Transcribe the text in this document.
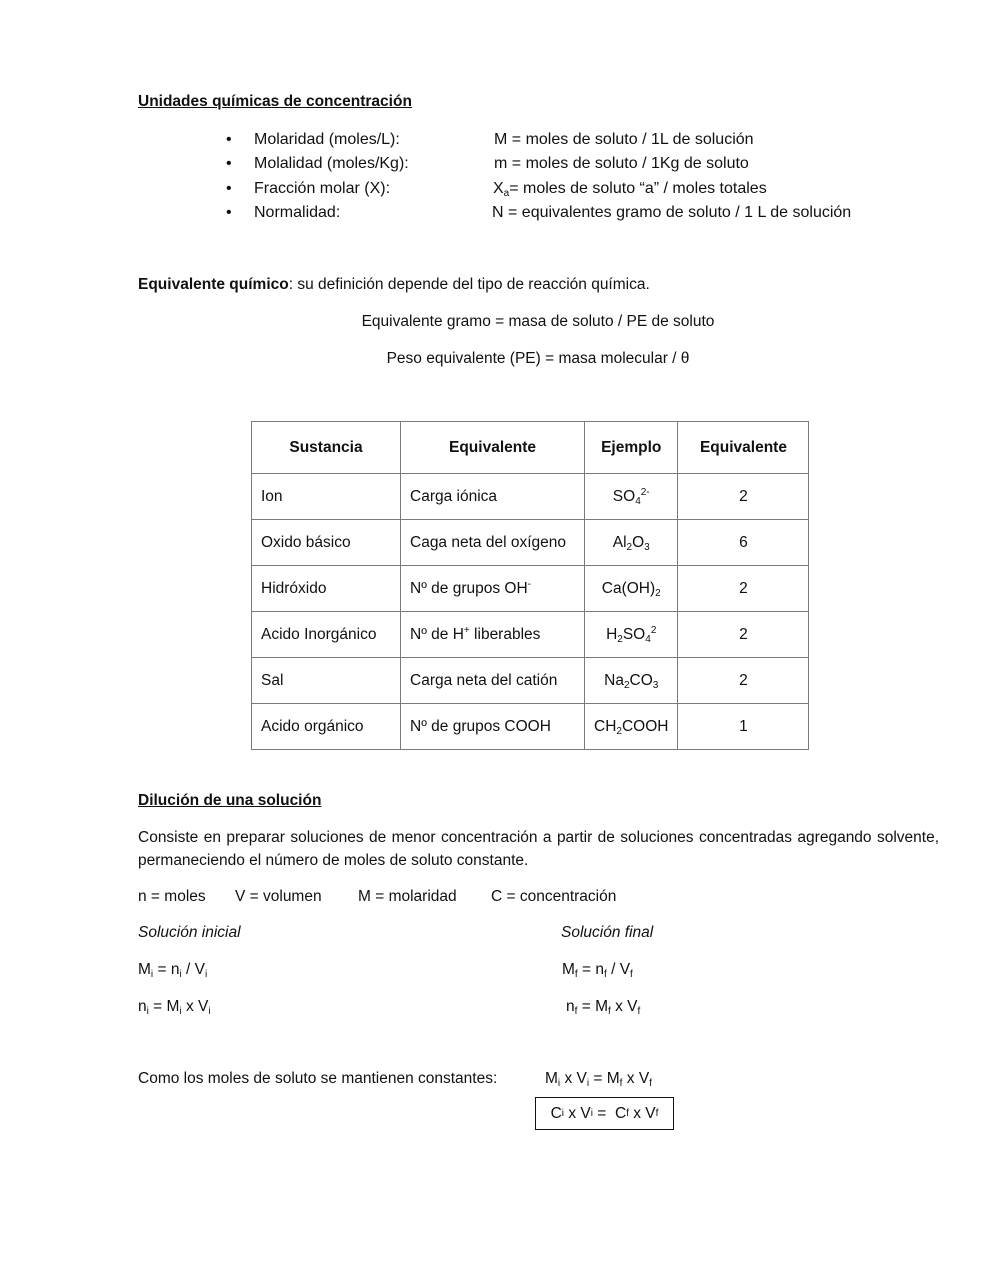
Unidades químicas de concentración
• Molaridad (moles/L):	M = moles de soluto / 1L de solución
• Molalidad (moles/Kg):	m = moles de soluto / 1Kg de soluto
• Fracción molar (X):	$X_a=$ moles de soluto “a” / moles totales
• Normalidad:	N = equivalentes gramo de soluto / 1 L de solución
Equivalente químico: su definición depende del tipo de reacción química.
Equivalente gramo = masa de soluto / PE de soluto
Peso equivalente (PE) = masa molecular / θ
Sustancia	Equivalente	Ejemplo	Equivalente
Ion	Carga iónica	$SO_4^{2-}$	2
Oxido básico	Caga neta del oxígeno	$Al_2O_3$	6
Hidróxido	Nº de grupos OH-	$Ca(OH)_2$	2
Acido Inorgánico	Nº de H+ liberables	$H_2SO_4^2$	2
Sal	Carga neta del catión	$Na_2CO_3$	2
Acido orgánico	Nº de grupos COOH	$CH_2COOH$	1
Dilución de una solución
Consiste en preparar soluciones de menor concentración a partir de soluciones concentradas agregando solvente, permaneciendo el número de moles de soluto constante.
n = moles V = volumen M = molaridad C = concentración
Solución inicial	Solución final
$M_i = n_i / V_i$	$M_f = n_f / V_f$
$n_i = M_i$ x $V_i$	$n_f = M_f$ x $V_f$
Como los moles de soluto se mantienen constantes:	$M_i$ x $V_i = M_f$ x $V_f$
C i x V i =  C f x V f
